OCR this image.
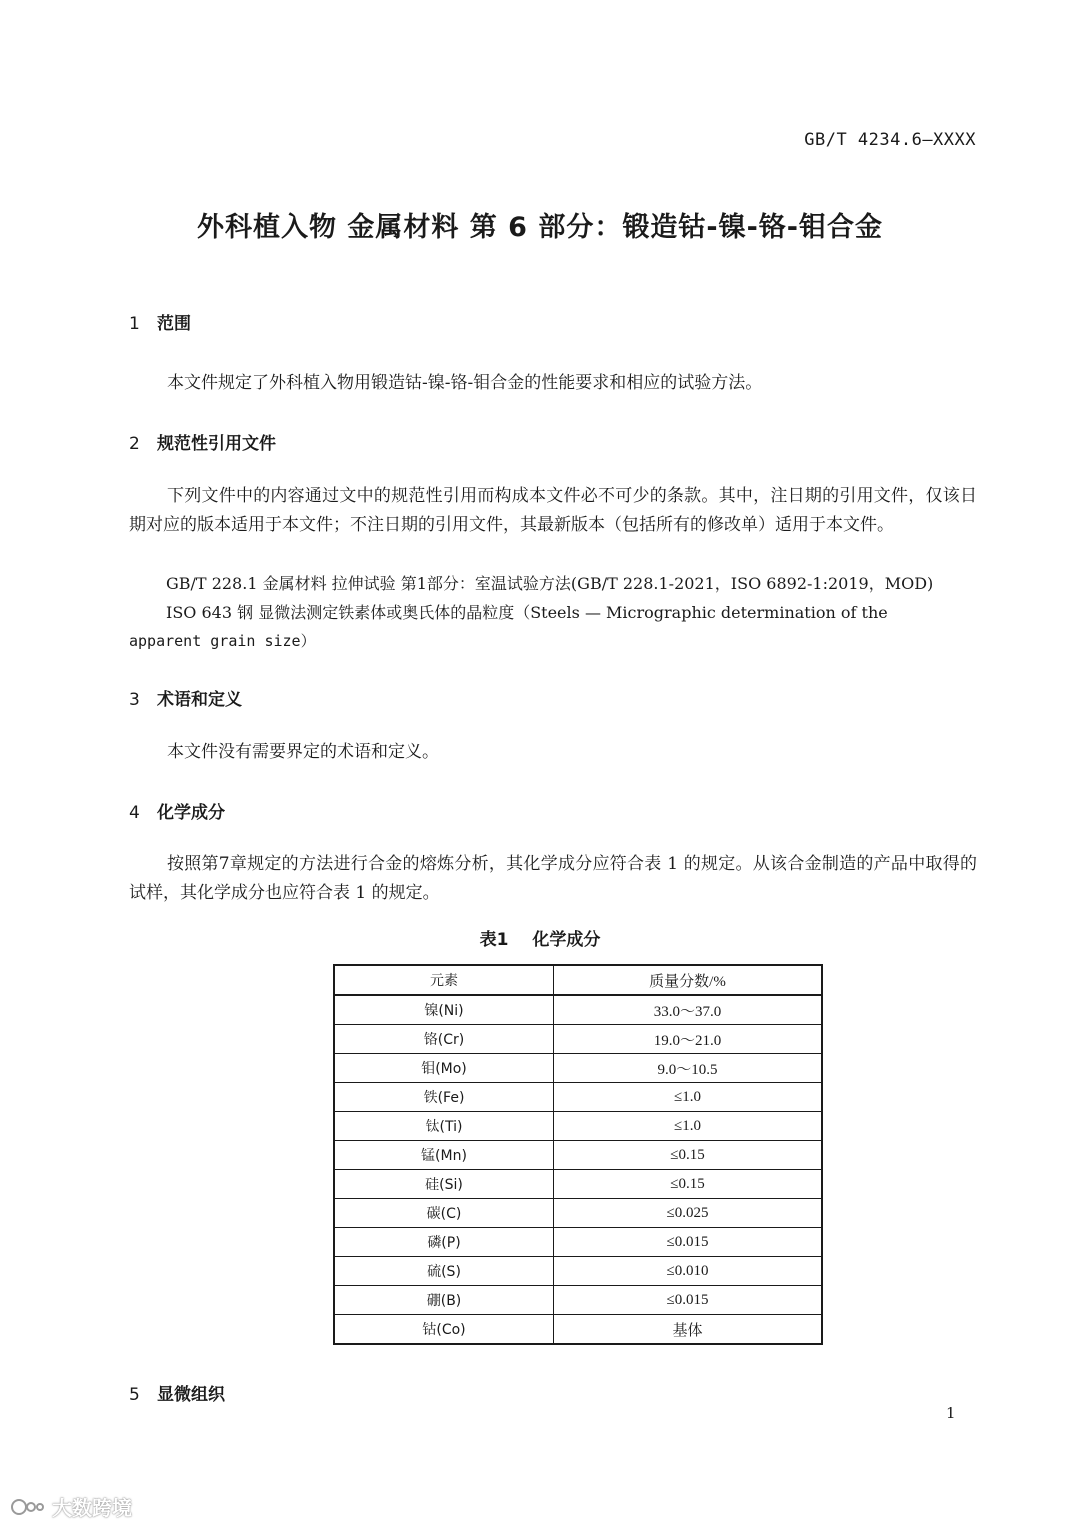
GB/T 4234.6—XXXX
外科植入物 金属材料 第 6 部分：锻造钴-镍-铬-钼合金
1 范围
本文件规定了外科植入物用锻造钴-镍-铬-钼合金的性能要求和相应的试验方法。
2 规范性引用文件
下列文件中的内容通过文中的规范性引用而构成本文件必不可少的条款。其中，注日期的引用文件，仅该日期对应的版本适用于本文件；不注日期的引用文件，其最新版本（包括所有的修改单）适用于本文件。
GB/T 228.1 金属材料 拉伸试验 第1部分：室温试验方法(GB/T 228.1-2021，ISO 6892-1:2019，MOD)
ISO 643 钢 显微法测定铁素体或奥氏体的晶粒度（Steels — Micrographic determination of the
apparent grain size）
3 术语和定义
本文件没有需要界定的术语和定义。
4 化学成分
按照第7章规定的方法进行合金的熔炼分析，其化学成分应符合表 1 的规定。从该合金制造的产品中取得的试样，其化学成分也应符合表 1 的规定。
表1 化学成分
元素	质量分数/%
镍(Ni)	33.0～37.0
铬(Cr)	19.0～21.0
钼(Mo)	9.0～10.5
铁(Fe)	≤1.0
钛(Ti)	≤1.0
锰(Mn)	≤0.15
硅(Si)	≤0.15
碳(C)	≤0.025
磷(P)	≤0.015
硫(S)	≤0.010
硼(B)	≤0.015
钴(Co)	基体
5 显微组织
1
大数跨境
